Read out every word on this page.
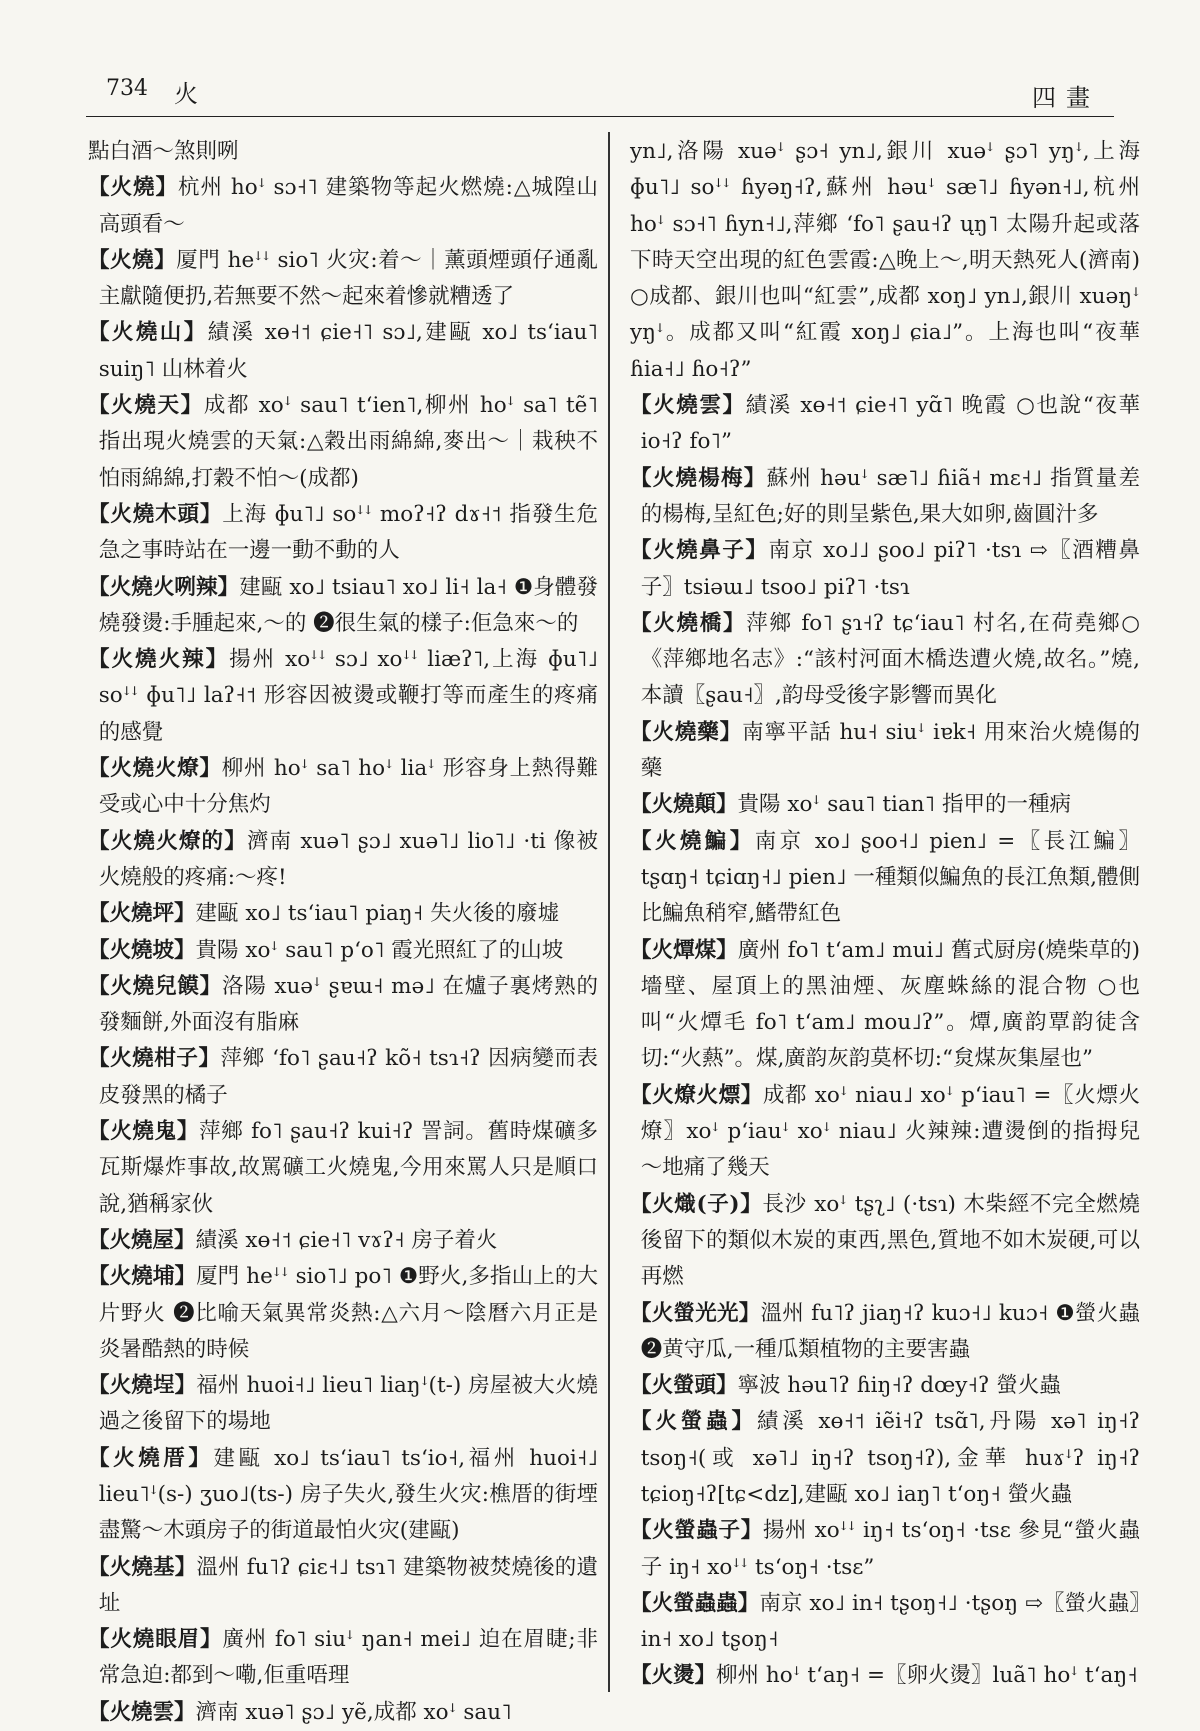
734 火	四畫

點白酒～煞則咧

【火燒】杭州 hoꜜ sɔ˧˥ 建築物等起火燃燒:△城隍山高頭看～

【火燒】厦門 heꜜꜜ sio˥ 火灾:着～｜薰頭煙頭仔通亂主獻隨便扔,若無要不然～起來着慘就糟透了

【火燒山】績溪 xɵ˧˦ ɕie˧˥ sɔ˩,建甌 xo˩ tsʻiau˥ suiŋ˥ 山林着火

【火燒天】成都 xoꜜ sau˥ tʻien˥,柳州 hoꜜ sa˥ tẽ˥ 指出現火燒雲的天氣:△穀出雨綿綿,麥出～｜栽秧不怕雨綿綿,打穀不怕～(成都)

【火燒木頭】上海 ɸu˥˩ soꜜꜜ moʔ˧ʔ dɤ˧˦ 指發生危急之事時站在一邊一動不動的人

【火燒火咧辣】建甌 xo˩ tsiau˥ xo˩ li˧ la˧ ❶身體發燒發燙:手腫起來,～的 ❷很生氣的樣子:佢急來～的

【火燒火辣】揚州 xoꜜꜜ sɔ˩ xoꜜꜜ liæʔ˥,上海 ɸu˥˩ soꜜꜜ ɸu˥˩ laʔ˧˦ 形容因被燙或鞭打等而產生的疼痛的感覺

【火燒火燎】柳州 hoꜜ sa˥ hoꜜ liaꜜ 形容身上熱得難受或心中十分焦灼

【火燒火燎的】濟南 xuə˥ ʂɔ˩ xuə˥˩ lio˥˩ ·ti 像被火燒般的疼痛:～疼!

【火燒坪】建甌 xo˩ tsʻiau˥ piaŋ˧ 失火後的廢墟

【火燒坡】貴陽 xoꜜ sau˥ pʻo˥ 霞光照紅了的山坡

【火燒兒饃】洛陽 xuəꜜ ʂɐɯ˧ mə˩ 在爐子裏烤熟的發麵餅,外面沒有脂麻

【火燒柑子】萍鄉 ʻfo˥ ʂau˧ʔ kõ˧ tsɿ˧ʔ 因病變而表皮發黑的橘子

【火燒鬼】萍鄉 fo˥ ʂau˧ʔ kui˧ʔ 詈詞。舊時煤礦多瓦斯爆炸事故,故罵礦工火燒鬼,今用來罵人只是順口說,猶稱家伙

【火燒屋】績溪 xɵ˧˦ ɕie˧˥ vɤʔ˧ 房子着火

【火燒埔】厦門 heꜜꜜ sio˥˩ po˥ ❶野火,多指山上的大片野火 ❷比喻天氣異常炎熱:△六月～陰曆六月正是炎暑酷熱的時候

【火燒埕】福州 huoi˧˩ lieu˥ liaŋꜜ(t-) 房屋被大火燒過之後留下的場地

【火燒厝】建甌 xo˩ tsʻiau˥ tsʻio˧,福州 huoi˧˩ lieu˥ꜜ(s-) ʒuo˩(ts-) 房子失火,發生火灾:樵厝的街堙盡驚～木頭房子的街道最怕火灾(建甌)

【火燒基】溫州 fu˥ʔ ɕiɛ˧˩ tsɿ˥ 建築物被焚燒後的遺址

【火燒眼眉】廣州 fo˥ siuꜜ ŋan˧ mei˩ 迫在眉睫;非常急迫:都到～嘞,佢重唔理

【火燒雲】濟南 xuə˥ ʂɔ˩ yẽ,成都 xoꜜ sau˥

yn˩,洛陽 xuəꜜ ʂɔ˧ yn˩,銀川 xuəꜜ ʂɔ˥ yŋꜜ,上海 ɸu˥˩ soꜜꜜ ɦyəŋ˧ʔ,蘇州 həuꜜ sæ˥˩ ɦyən˧˩,杭州 hoꜜ sɔ˧˥ ɦyn˧˩,萍鄉 ʻfo˥ ʂau˧ʔ ųŋ˥ 太陽升起或落下時天空出現的紅色雲霞:△晚上～,明天熱死人(濟南) ○成都、銀川也叫“紅雲”,成都 xoŋ˩ yn˩,銀川 xuəŋꜜ yŋꜜ。成都又叫“紅霞 xoŋ˩ ɕia˩”。上海也叫“夜華 ɦia˧˩ ɦo˧ʔ”

【火燒雲】績溪 xɵ˧˦ ɕie˧˥ yɑ̃˥ 晚霞 ○也說“夜華 io˧ʔ fo˥”

【火燒楊梅】蘇州 həuꜜ sæ˥˩ ɦiã˧ mɛ˧˩ 指質量差的楊梅,呈紅色;好的則呈紫色,果大如卵,齒圓汁多

【火燒鼻子】南京 xo˩˩ ʂoo˩ piʔ˥ ·tsɿ ⇨〖酒糟鼻子〗tsiəɯ˩ tsoo˩ piʔ˥ ·tsɿ

【火燒橋】萍鄉 fo˥ ʂɿ˧ʔ tɕʻiau˥ 村名,在荷堯鄉○《萍鄉地名志》:“該村河面木橋迭遭火燒,故名。”燒,本讀〖ʂau˧〗,韵母受後字影響而異化

【火燒藥】南寧平話 hu˧ siuꜜ iɐk˧ 用來治火燒傷的藥

【火燒顛】貴陽 xoꜜ sau˥ tian˥ 指甲的一種病

【火燒鯿】南京 xo˩ ʂoo˧˩ pien˩ =〖長江鯿〗tʂɑŋ˧ tɕiɑŋ˧˩ pien˩ 一種類似鯿魚的長江魚類,體側比鯿魚稍窄,鰭帶紅色

【火燂煤】廣州 fo˥ tʻam˩ mui˩ 舊式厨房(燒柴草的)墻壁、屋頂上的黑油煙、灰塵蛛絲的混合物 ○也叫“火燂毛 fo˥ tʻam˩ mou˩ʔ”。燂,廣韵覃韵徒含切:“火爇”。煤,廣韵灰韵莫杯切:“炱煤灰集屋也”

【火燎火熛】成都 xoꜜ niau˩ xoꜜ pʻiau˥ =〖火熛火燎〗xoꜜ pʻiauꜜ xoꜜ niau˩ 火辣辣:遭燙倒的指拇兒～地痛了幾天

【火熾(子)】長沙 xoꜜ tʂʅ˩ (·tsɿ) 木柴經不完全燃燒後留下的類似木炭的東西,黑色,質地不如木炭硬,可以再燃

【火螢光光】溫州 fu˥ʔ jiaŋ˧ʔ kuɔ˧˩ kuɔ˧ ❶螢火蟲 ❷黄守瓜,一種瓜類植物的主要害蟲

【火螢頭】寧波 həu˥ʔ ɦiŋ˧ʔ dœy˧ʔ 螢火蟲

【火螢蟲】績溪 xɵ˧˦ iẽi˧ʔ tsɑ̃˥,丹陽 xə˥ iŋ˧ʔ tsoŋ˧(或 xə˥˩ iŋ˧ʔ tsoŋ˧ʔ),金華 huɤꜜʔ iŋ˧ʔ tɕioŋ˧ʔ[tɕ<dz],建甌 xo˩ iaŋ˥ tʻoŋ˧ 螢火蟲

【火螢蟲子】揚州 xoꜜꜜ iŋ˧ tsʻoŋ˧ ·tsɛ 參見“螢火蟲子 iŋ˧ xoꜜꜜ tsʻoŋ˧ ·tsɛ”

【火螢蟲蟲】南京 xo˩ in˧ tʂoŋ˧˩ ·tʂoŋ ⇨〖螢火蟲〗in˧ xo˩ tʂoŋ˧

【火燙】柳州 hoꜜ tʻaŋ˧ =〖卵火燙〗luã˥ hoꜜ tʻaŋ˧
